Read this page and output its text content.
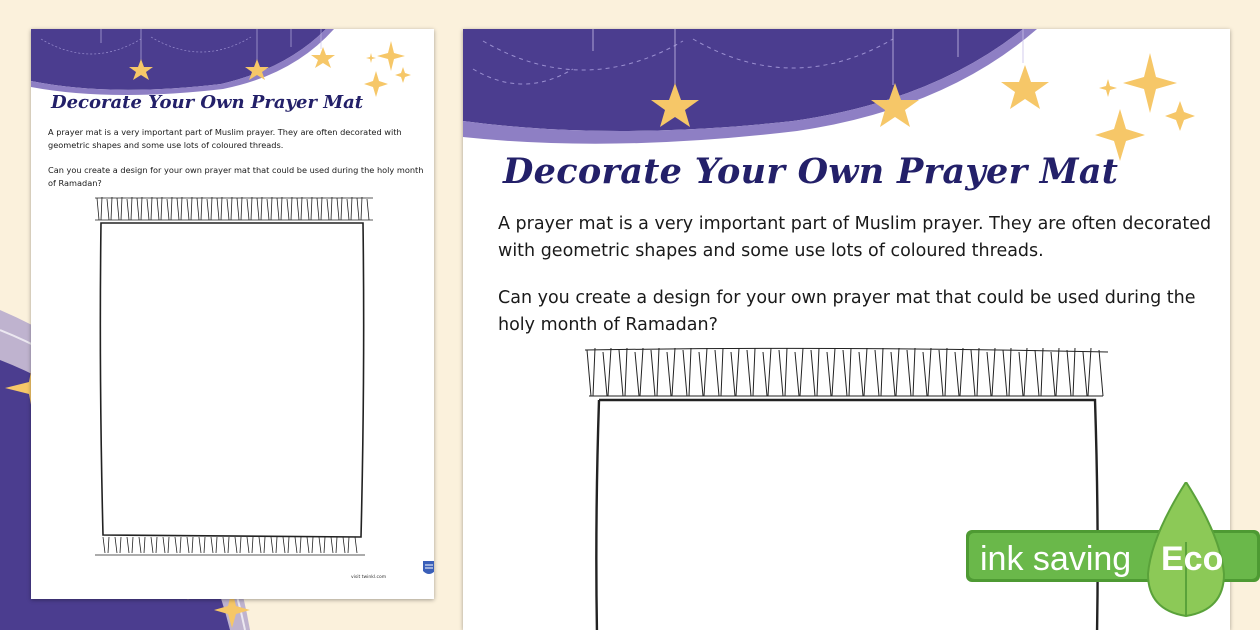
Decorate Your Own Prayer Mat

A prayer mat is a very important part of Muslim prayer. They are often decorated with geometric shapes and some use lots of coloured threads.

Can you create a design for your own prayer mat that could be used during the holy month of Ramadan?

visit twinkl.com
Decorate Your Own Prayer Mat

A prayer mat is a very important part of Muslim prayer. They are often decorated with geometric shapes and some use lots of coloured threads.

Can you create a design for your own prayer mat that could be used during the holy month of Ramadan?

ink saving Eco
